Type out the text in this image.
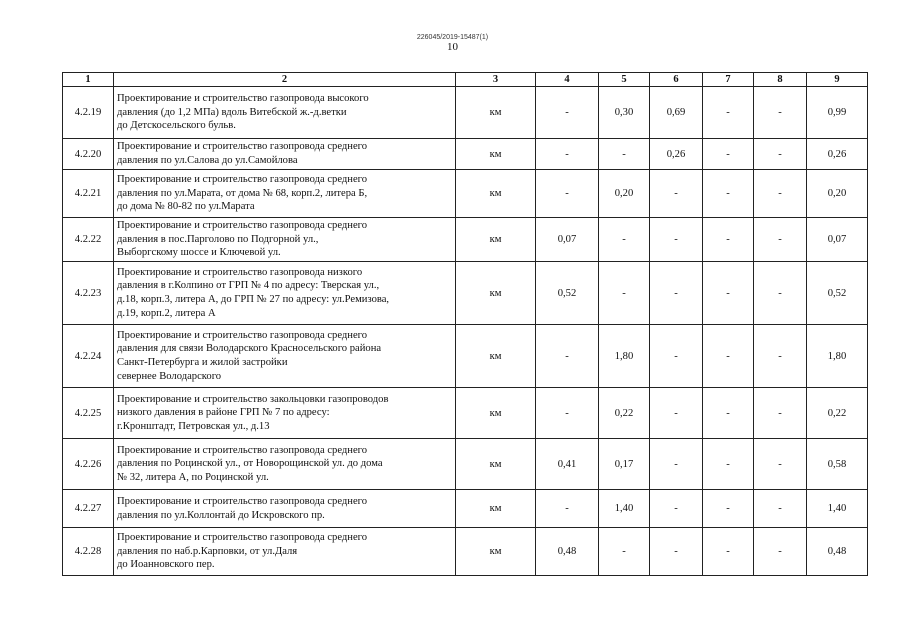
226045/2019-15487(1)
10
1	2	3	4	5	6	7	8	9
4.2.19	Проектирование и строительство газопровода высокого
давления (до 1,2 МПа) вдоль Витебской ж.-д.ветки
до Детскосельского бульв.	км	-	0,30	0,69	-	-	0,99
4.2.20	Проектирование и строительство газопровода среднего
давления по ул.Салова до ул.Самойлова	км	-	-	0,26	-	-	0,26
4.2.21	Проектирование и строительство газопровода среднего
давления по ул.Марата, от дома № 68, корп.2, литера Б,
до дома № 80-82 по ул.Марата	км	-	0,20	-	-	-	0,20
4.2.22	Проектирование и строительство газопровода среднего
давления в пос.Парголово по Подгорной ул.,
Выборгскому шоссе и Ключевой ул.	км	0,07	-	-	-	-	0,07
4.2.23	Проектирование и строительство газопровода низкого
давления в г.Колпино от ГРП № 4 по адресу: Тверская ул.,
д.18, корп.3, литера А, до ГРП № 27 по адресу: ул.Ремизова,
д.19, корп.2, литера А	км	0,52	-	-	-	-	0,52
4.2.24	Проектирование и строительство газопровода среднего
давления для связи Володарского Красносельского района
Санкт-Петербурга и жилой застройки
севернее Володарского	км	-	1,80	-	-	-	1,80
4.2.25	Проектирование и строительство закольцовки газопроводов
низкого давления в районе ГРП № 7 по адресу:
г.Кронштадт, Петровская ул., д.13	км	-	0,22	-	-	-	0,22
4.2.26	Проектирование и строительство газопровода среднего
давления по Роцинской ул., от Новорощинской ул. до дома
№ 32, литера А, по Роцинской ул.	км	0,41	0,17	-	-	-	0,58
4.2.27	Проектирование и строительство газопровода среднего
давления по ул.Коллонтай до Искровского пр.	км	-	1,40	-	-	-	1,40
4.2.28	Проектирование и строительство газопровода среднего
давления по наб.р.Карповки, от ул.Даля
до Иоанновского пер.	км	0,48	-	-	-	-	0,48
